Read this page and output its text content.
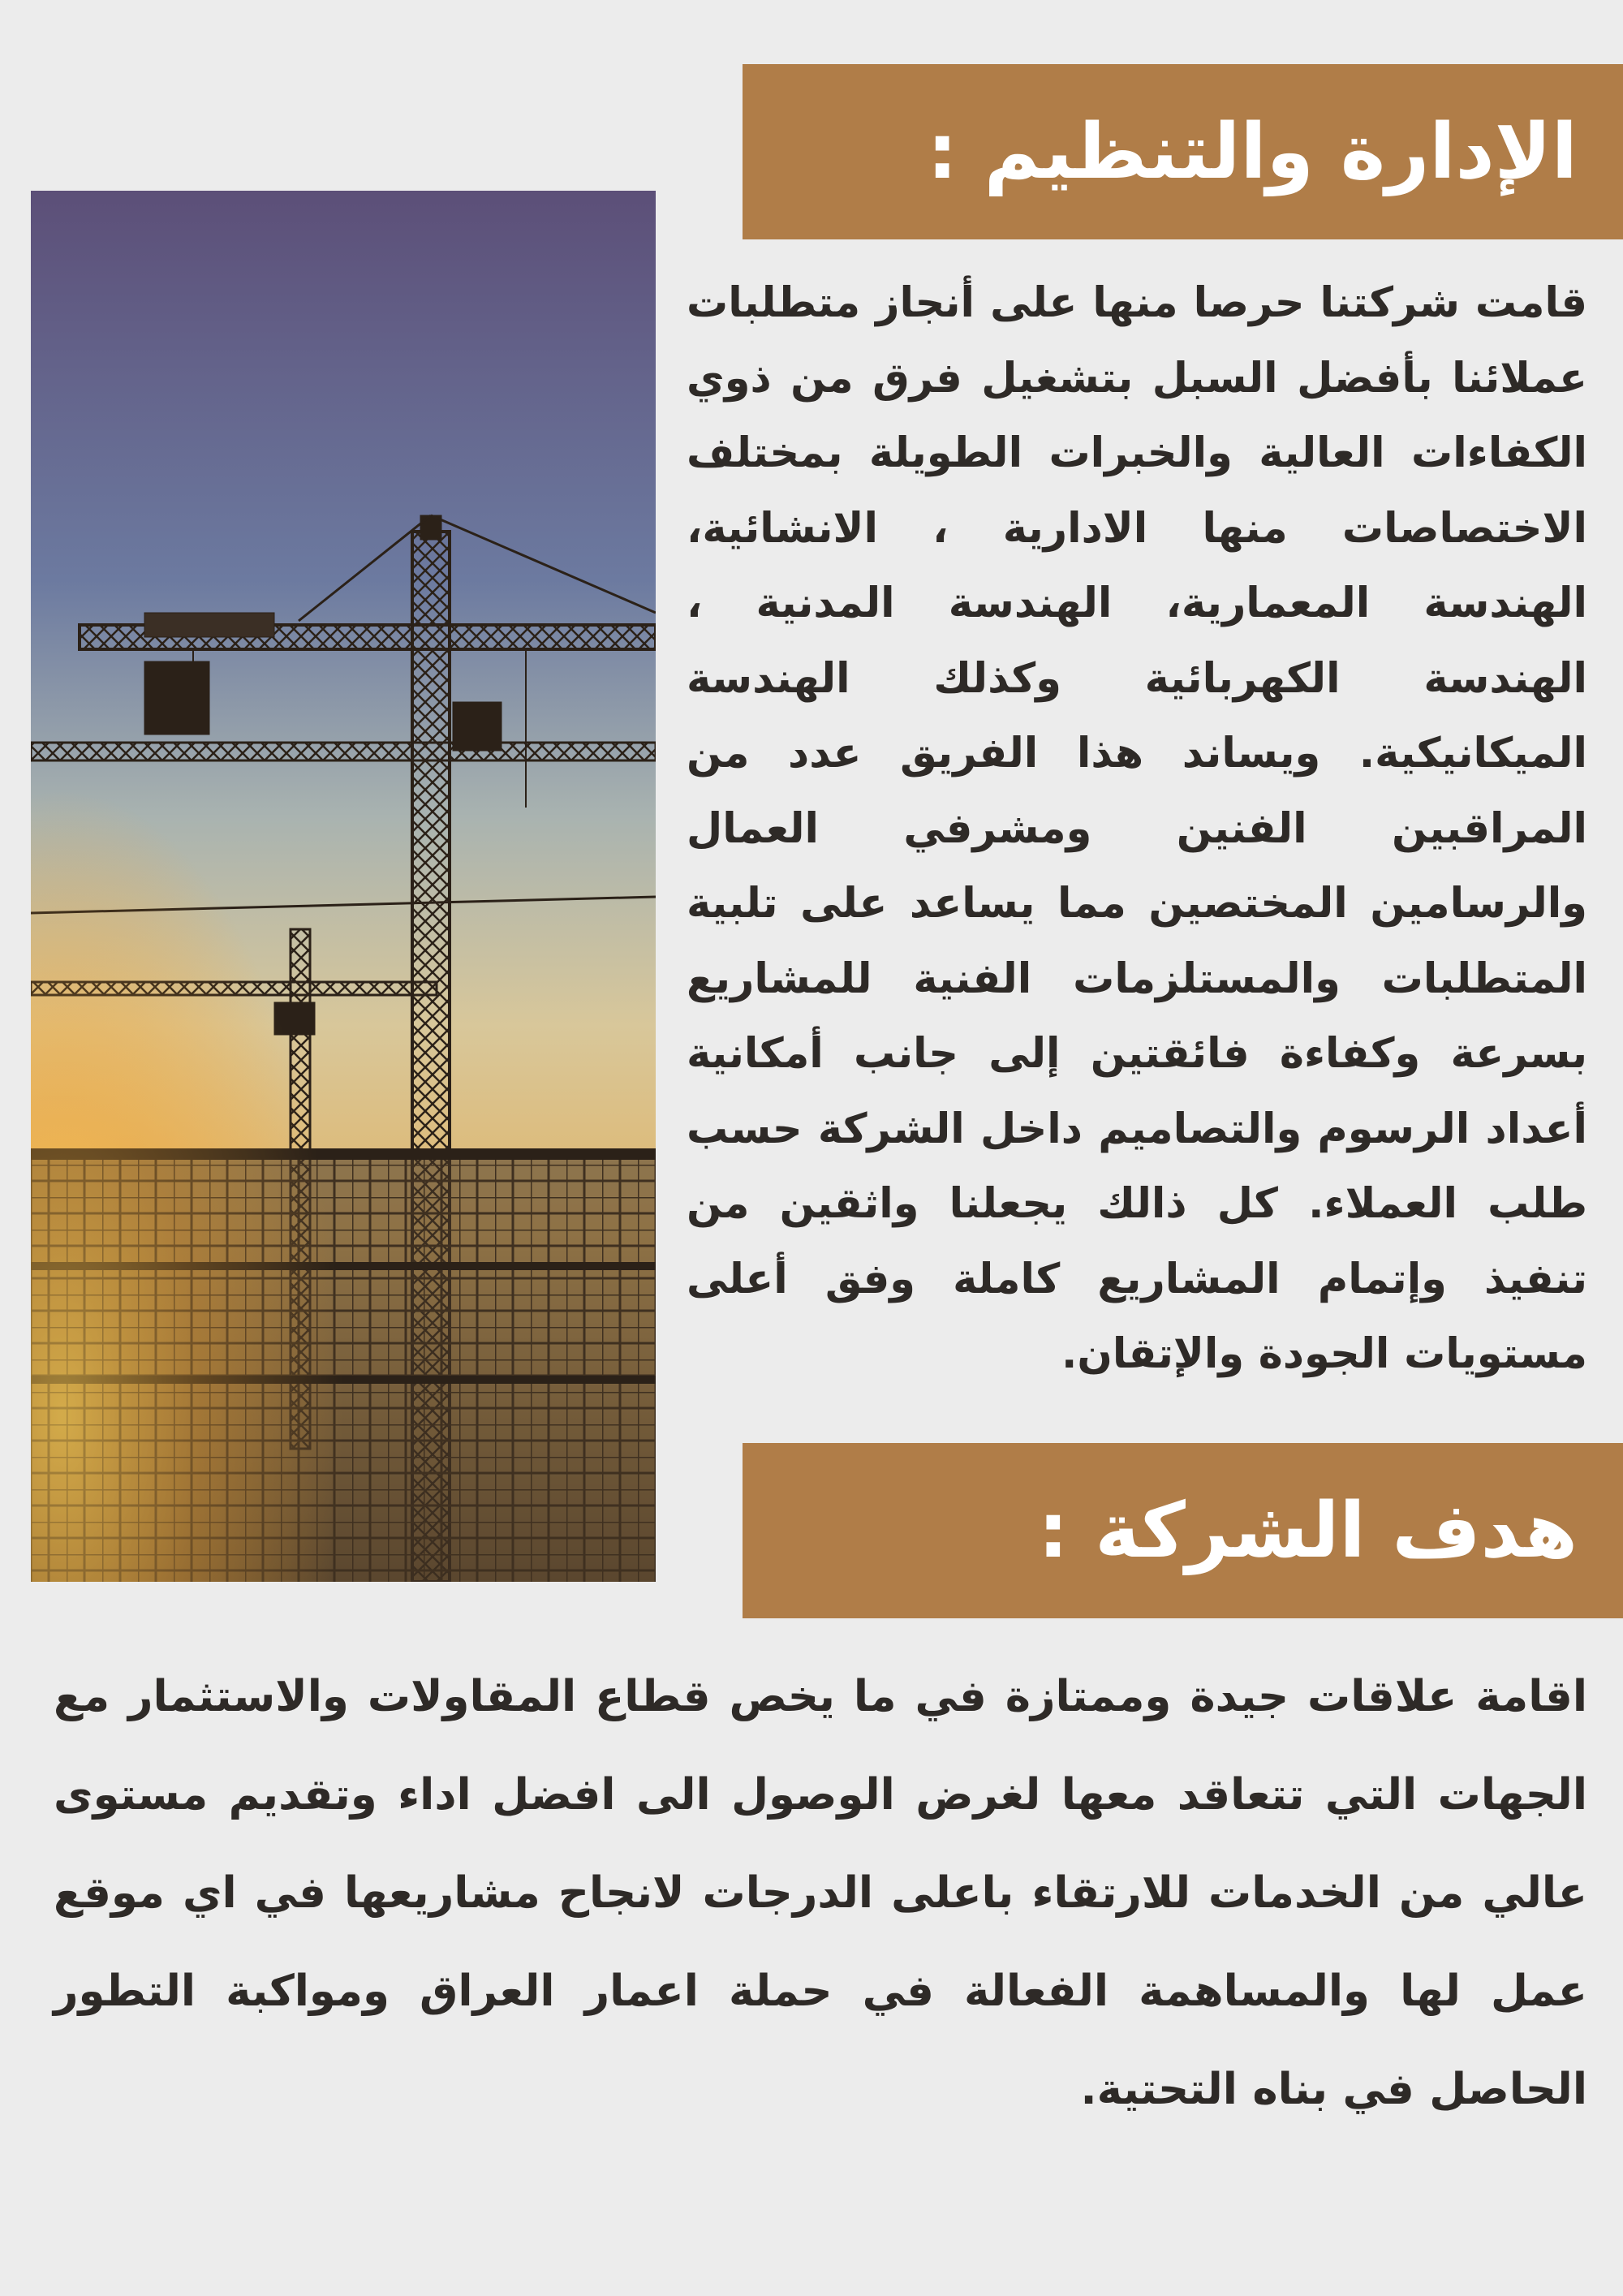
الإدارة والتنظيم :

قامت شركتنا حرصا منها على أنجاز متطلبات عملائنا بأفضل السبل بتشغيل فرق من ذوي الكفاءات العالية والخبرات الطويلة بمختلف الاختصاصات منها الادارية ، الانشائية، الهندسة المعمارية، الهندسة المدنية ، الهندسة الكهربائية وكذلك الهندسة الميكانيكية. ويساند هذا الفريق عدد من المراقبين الفنين ومشرفي العمال والرسامين المختصين مما يساعد على تلبية المتطلبات والمستلزمات الفنية للمشاريع بسرعة وكفاءة فائقتين إلى جانب أمكانية أعداد الرسوم والتصاميم داخل الشركة حسب طلب العملاء. كل ذالك يجعلنا واثقين من تنفيذ وإتمام المشاريع كاملة وفق أعلى مستويات الجودة والإتقان.

هدف الشركة :

اقامة علاقات جيدة وممتازة في ما يخص قطاع المقاولات والاستثمار مع الجهات التي تتعاقد معها لغرض الوصول الى افضل اداء وتقديم مستوى عالي من الخدمات للارتقاء باعلى الدرجات لانجاح مشاريعها في اي موقع عمل لها والمساهمة الفعالة في حملة اعمار العراق ومواكبة التطور الحاصل في بناه التحتية.
